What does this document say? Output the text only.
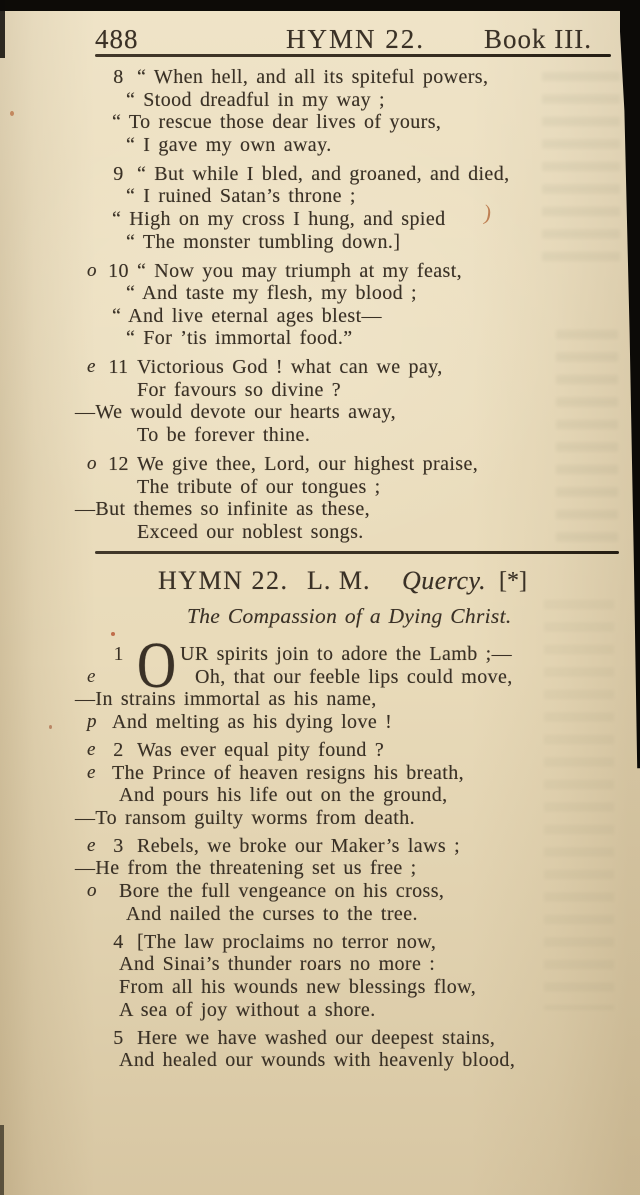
488	HYMN 22. Book III.
8 “ When hell, and all its spiteful powers,
“ Stood dreadful in my way ;
“ To rescue those dear lives of yours,
“ I gave my own away.
9 “ But while I bled, and groaned, and died,
“ I ruined Satan’s throne ;
“ High on my cross I hung, and spied
“ The monster tumbling down.]
o 10 “ Now you may triumph at my feast,
“ And taste my flesh, my blood ;
“ And live eternal ages blest—
“ For ’tis immortal food.”
e 11 Victorious God ! what can we pay,
For favours so divine ?
—We would devote our hearts away,
To be forever thine.
o 12 We give thee, Lord, our highest praise,
The tribute of our tongues ;
—But themes so infinite as these,
Exceed our noblest songs.
HYMN 22. L. M. Quercy. [*]
The Compassion of a Dying Christ.
1
e O UR spirits join to adore the Lamb ;—
Oh, that our feeble lips could move,
—In strains immortal as his name,
p And melting as his dying love !
e 2 Was ever equal pity found ?
e The Prince of heaven resigns his breath,
And pours his life out on the ground,
—To ransom guilty worms from death.
e 3 Rebels, we broke our Maker’s laws ;
—He from the threatening set us free ;
o Bore the full vengeance on his cross,
And nailed the curses to the tree.
4 [The law proclaims no terror now,
And Sinai’s thunder roars no more :
From all his wounds new blessings flow,
A sea of joy without a shore.
5 Here we have washed our deepest stains,
And healed our wounds with heavenly blood,
)
